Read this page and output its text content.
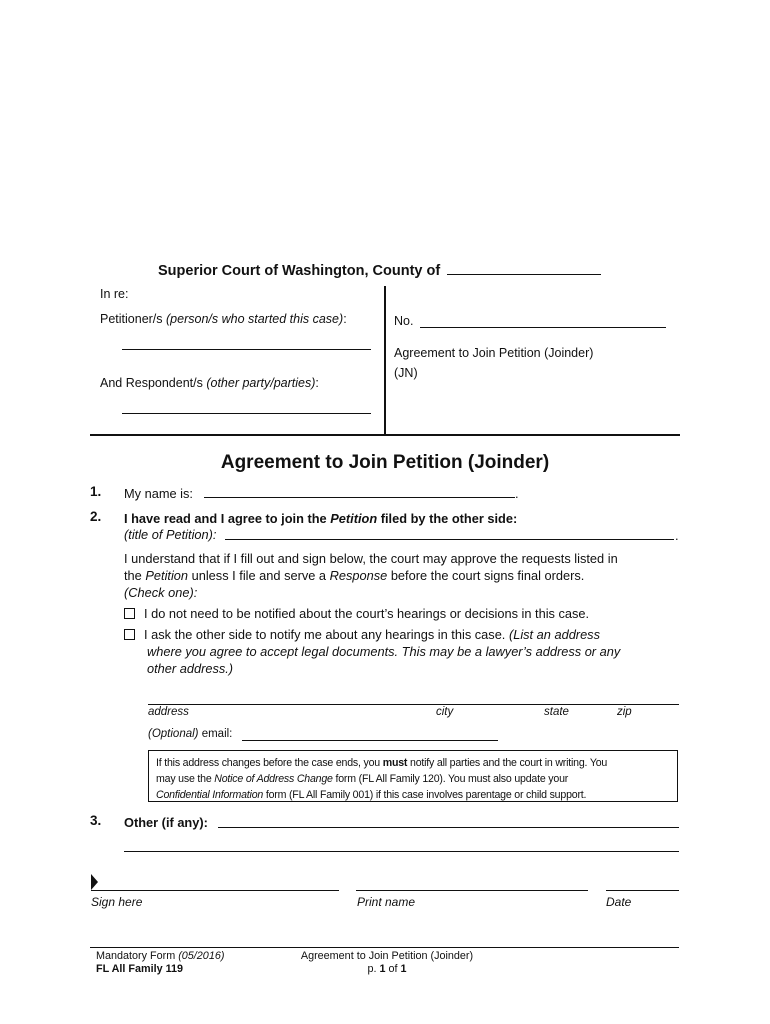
Superior Court of Washington, County of
In re:
Petitioner/s (person/s who started this case):
And Respondent/s (other party/parties):
No.
Agreement to Join Petition (Joinder)
(JN)
Agreement to Join Petition (Joinder)
1. My name is:	.
2. I have read and I agree to join the Petition filed by the other side:
(title of Petition):	.
I understand that if I fill out and sign below, the court may approve the requests listed in
the Petition unless I file and serve a Response before the court signs final orders.
(Check one):
I do not need to be notified about the court’s hearings or decisions in this case.
I ask the other side to notify me about any hearings in this case. (List an address
where you agree to accept legal documents. This may be a lawyer’s address or any
other address.)
address	city	state	zip
(Optional) email:
If this address changes before the case ends, you must notify all parties and the court in writing. You
may use the Notice of Address Change form (FL All Family 120). You must also update your
Confidential Information form (FL All Family 001) if this case involves parentage or child support.
3. Other (if any):
Sign here	Print name	Date
Mandatory Form (05/2016)
FL All Family 119
Agreement to Join Petition (Joinder)
p. 1 of 1
